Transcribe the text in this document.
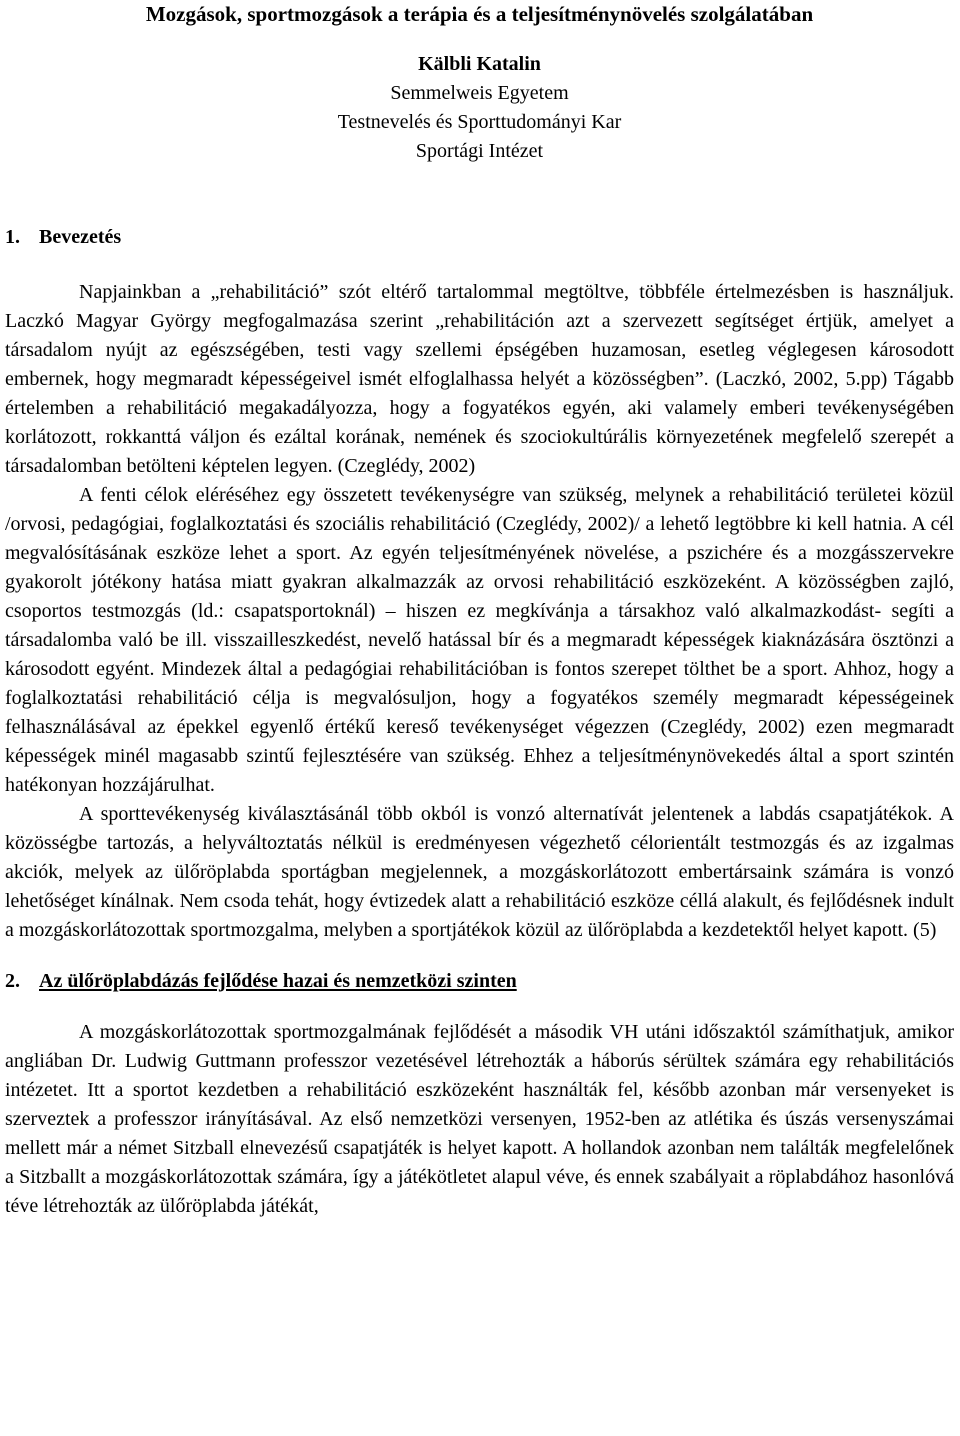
Mozgások, sportmozgások a terápia és a teljesítménynövelés szolgálatában
Kälbli Katalin
Semmelweis Egyetem
Testnevelés és Sporttudományi Kar
Sportági Intézet
1. Bevezetés

Napjainkban a „rehabilitáció” szót eltérő tartalommal megtöltve, többféle értelmezésben is használjuk. Laczkó Magyar György megfogalmazása szerint „rehabilitáción azt a szervezett segítséget értjük, amelyet a társadalom nyújt az egészségében, testi vagy szellemi épségében huzamosan, esetleg véglegesen károsodott embernek, hogy megmaradt képességeivel ismét elfoglalhassa helyét a közösségben”. (Laczkó, 2002, 5.pp) Tágabb értelemben a rehabilitáció megakadályozza, hogy a fogyatékos egyén, aki valamely emberi tevékenységében korlátozott, rokkanttá váljon és ezáltal korának, nemének és szociokultúrális környezetének megfelelő szerepét a társadalomban betölteni képtelen legyen. (Czeglédy, 2002)

A fenti célok eléréséhez egy összetett tevékenységre van szükség, melynek a rehabilitáció területei közül /orvosi, pedagógiai, foglalkoztatási és szociális rehabilitáció (Czeglédy, 2002)/ a lehető legtöbbre ki kell hatnia. A cél megvalósításának eszköze lehet a sport. Az egyén teljesítményének növelése, a pszichére és a mozgásszervekre gyakorolt jótékony hatása miatt gyakran alkalmazzák az orvosi rehabilitáció eszközeként. A közösségben zajló, csoportos testmozgás (ld.: csapatsportoknál) – hiszen ez megkívánja a társakhoz való alkalmazkodást- segíti a társadalomba való be ill. visszailleszkedést, nevelő hatással bír és a megmaradt képességek kiaknázására ösztönzi a károsodott egyént. Mindezek által a pedagógiai rehabilitációban is fontos szerepet tölthet be a sport. Ahhoz, hogy a foglalkoztatási rehabilitáció célja is megvalósuljon, hogy a fogyatékos személy megmaradt képességeinek felhasználásával az épekkel egyenlő értékű kereső tevékenységet végezzen (Czeglédy, 2002) ezen megmaradt képességek minél magasabb szintű fejlesztésére van szükség. Ehhez a teljesítménynövekedés által a sport szintén hatékonyan hozzájárulhat.

A sporttevékenység kiválasztásánál több okból is vonzó alternatívát jelentenek a labdás csapatjátékok. A közösségbe tartozás, a helyváltoztatás nélkül is eredményesen végezhető célorientált testmozgás és az izgalmas akciók, melyek az ülőröplabda sportágban megjelennek, a mozgáskorlátozott embertársaink számára is vonzó lehetőséget kínálnak. Nem csoda tehát, hogy évtizedek alatt a rehabilitáció eszköze céllá alakult, és fejlődésnek indult a mozgáskorlátozottak sportmozgalma, melyben a sportjátékok közül az ülőröplabda a kezdetektől helyet kapott. (5)

2. Az ülőröplabdázás fejlődése hazai és nemzetközi szinten

A mozgáskorlátozottak sportmozgalmának fejlődését a második VH utáni időszaktól számíthatjuk, amikor angliában Dr. Ludwig Guttmann professzor vezetésével létrehozták a háborús sérültek számára egy rehabilitációs intézetet. Itt a sportot kezdetben a rehabilitáció eszközeként használták fel, később azonban már versenyeket is szerveztek a professzor irányításával. Az első nemzetközi versenyen, 1952-ben az atlétika és úszás versenyszámai mellett már a német Sitzball elnevezésű csapatjáték is helyet kapott. A hollandok azonban nem találták megfelelőnek a Sitzballt a mozgáskorlátozottak számára, így a játékötletet alapul véve, és ennek szabályait a röplabdához hasonlóvá téve létrehozták az ülőröplabda játékát,
